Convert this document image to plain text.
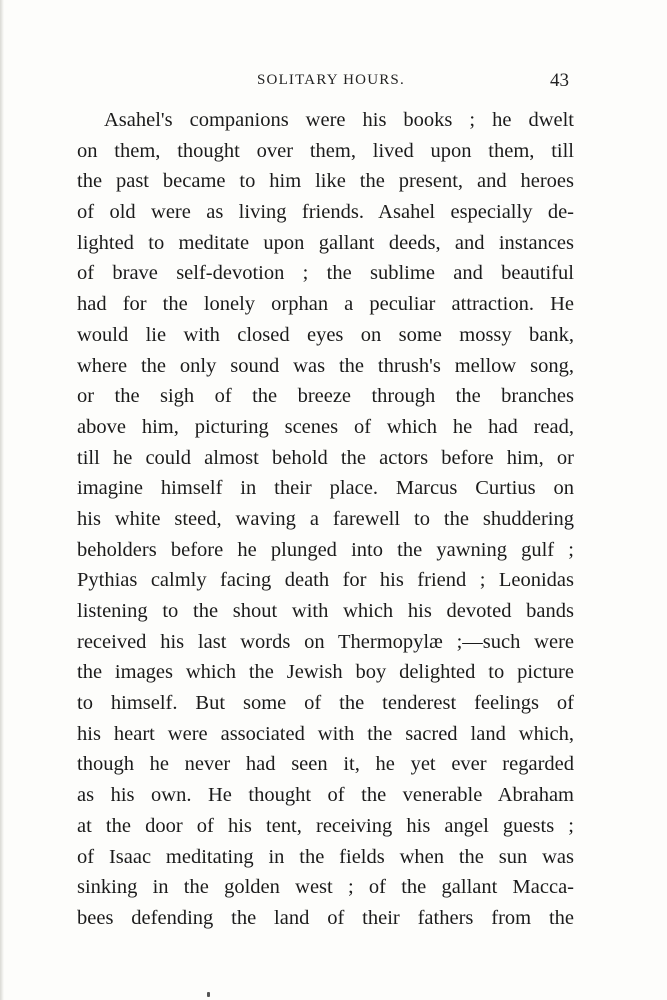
SOLITARY HOURS.	43
Asahel's companions were his books ; he dwelt
on them, thought over them, lived upon them, till
the past became to him like the present, and heroes
of old were as living friends. Asahel especially de-
lighted to meditate upon gallant deeds, and instances
of brave self-devotion ; the sublime and beautiful
had for the lonely orphan a peculiar attraction. He
would lie with closed eyes on some mossy bank,
where the only sound was the thrush's mellow song,
or the sigh of the breeze through the branches
above him, picturing scenes of which he had read,
till he could almost behold the actors before him, or
imagine himself in their place. Marcus Curtius on
his white steed, waving a farewell to the shuddering
beholders before he plunged into the yawning gulf ;
Pythias calmly facing death for his friend ; Leonidas
listening to the shout with which his devoted bands
received his last words on Thermopylæ ;—such were
the images which the Jewish boy delighted to picture
to himself. But some of the tenderest feelings of
his heart were associated with the sacred land which,
though he never had seen it, he yet ever regarded
as his own. He thought of the venerable Abraham
at the door of his tent, receiving his angel guests ;
of Isaac meditating in the fields when the sun was
sinking in the golden west ; of the gallant Macca-
bees defending the land of their fathers from the
